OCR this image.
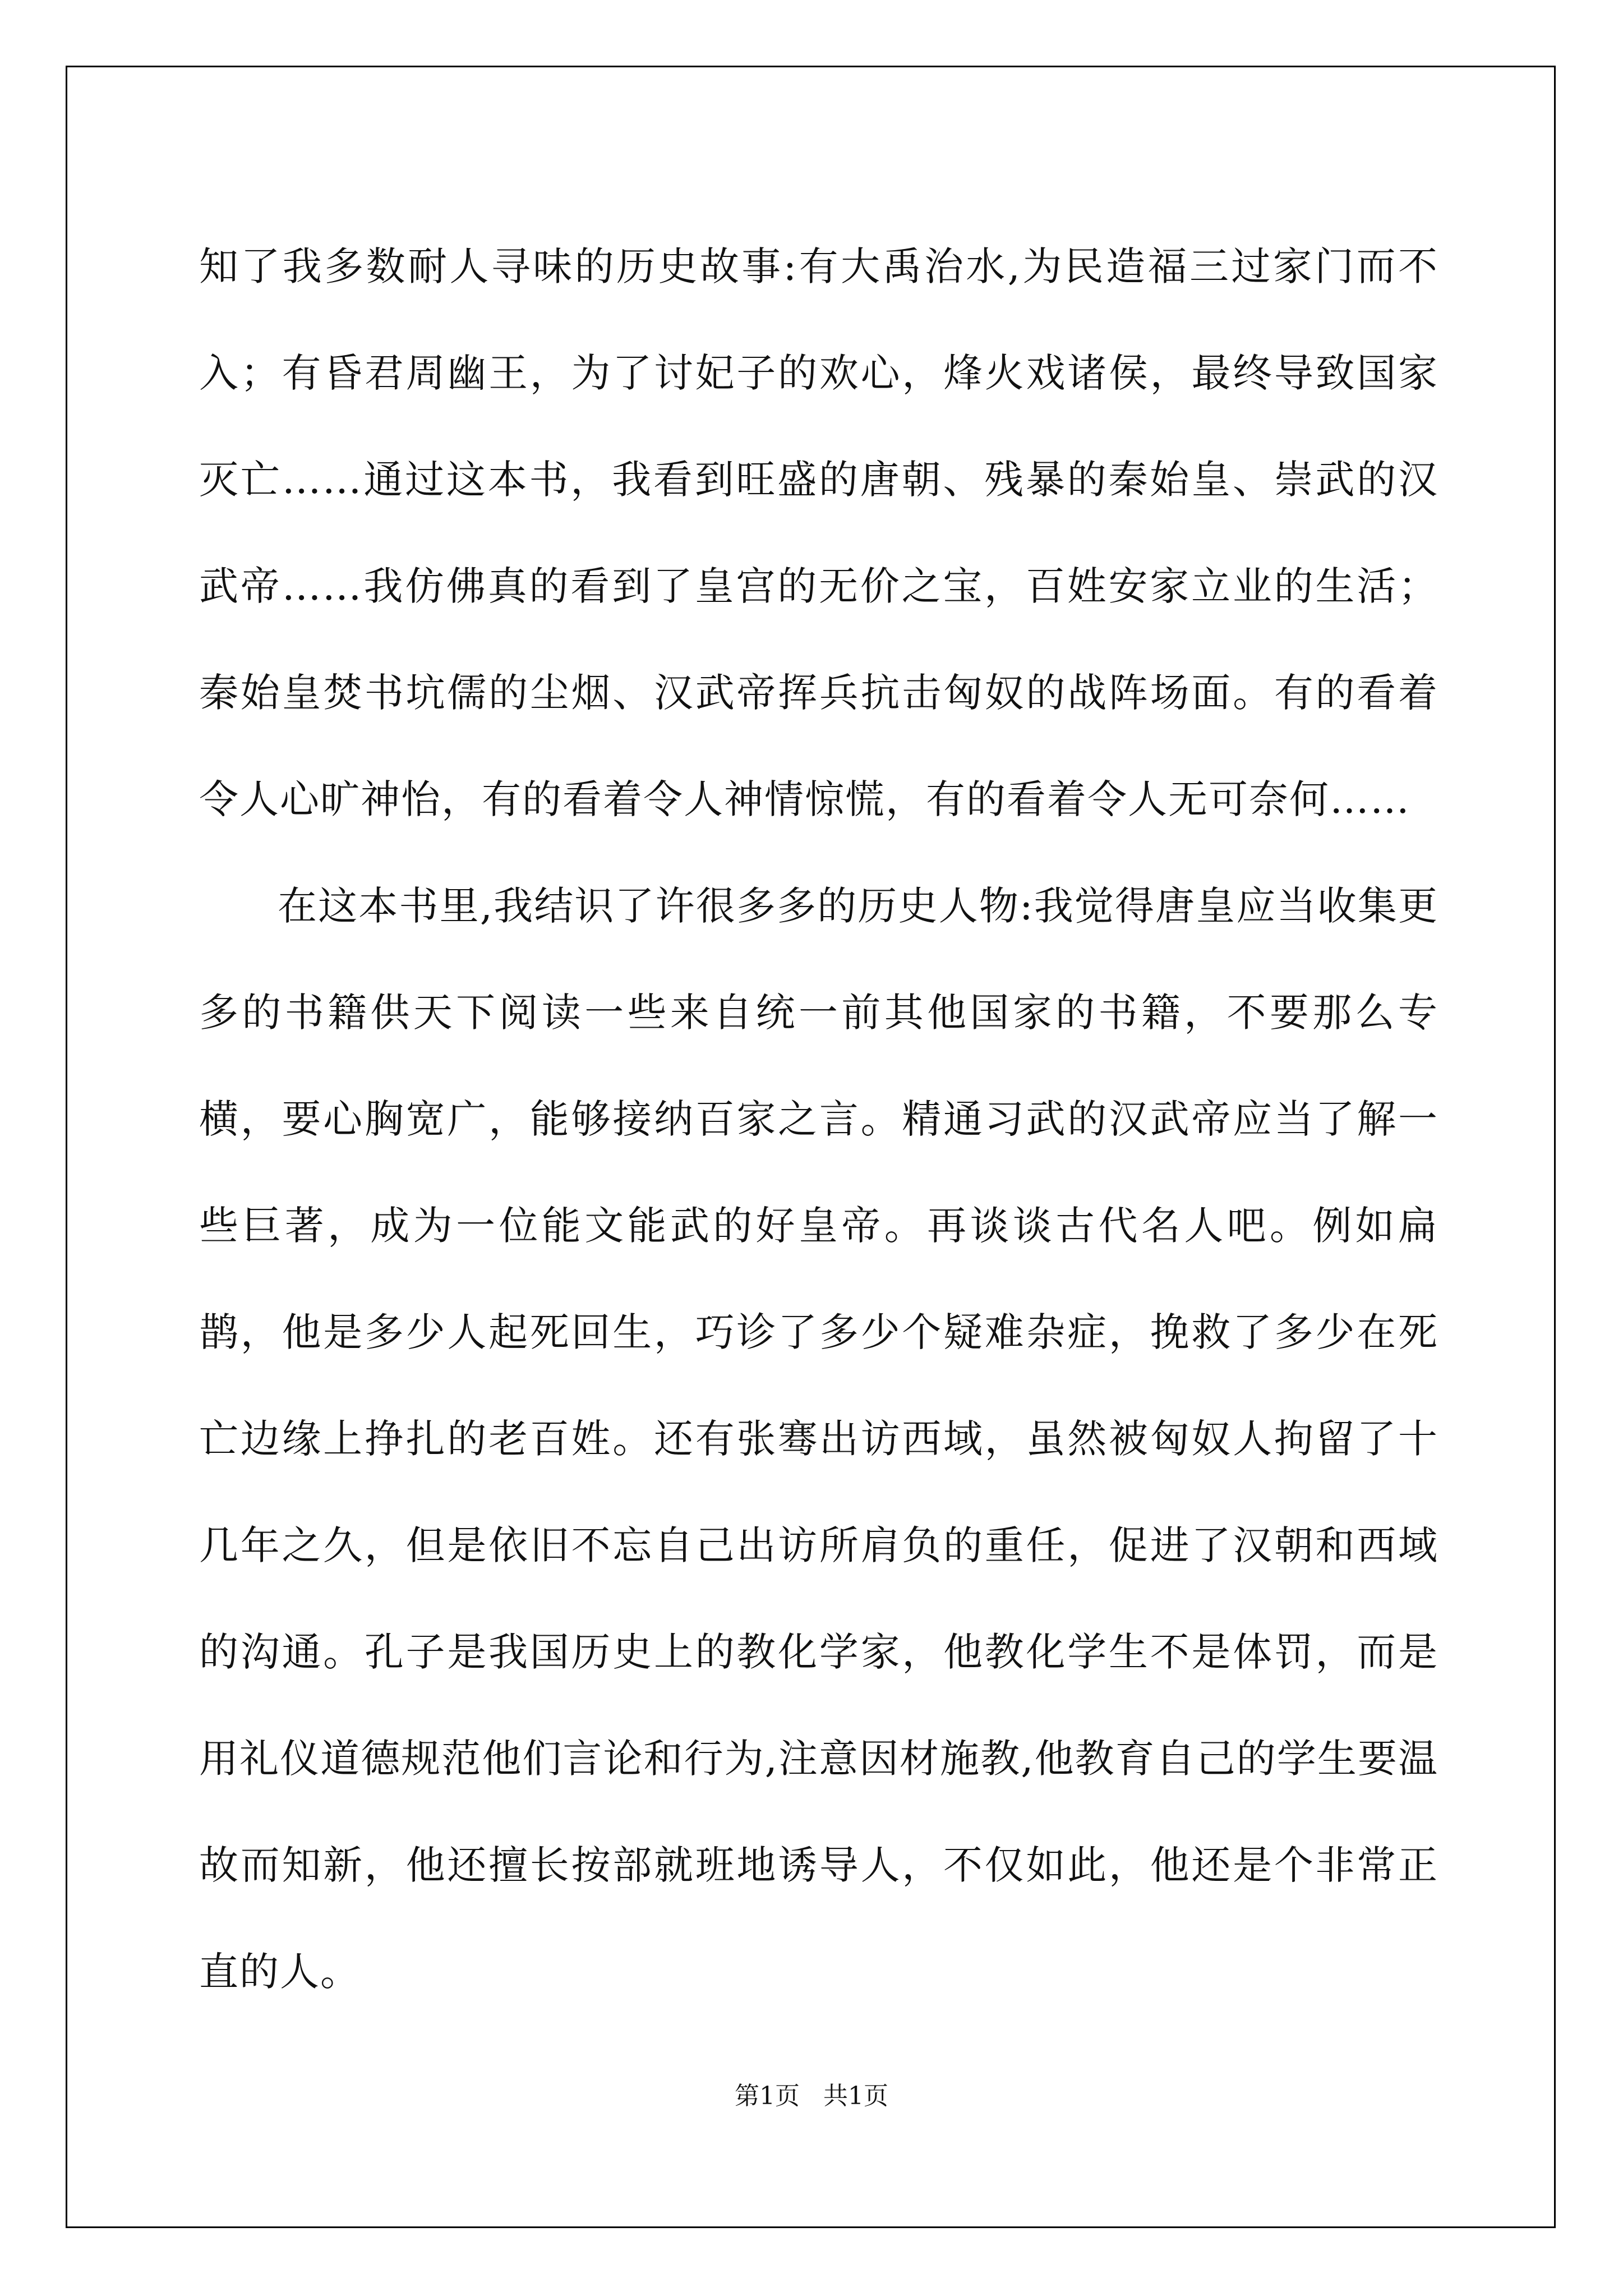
知了我多数耐人寻味的历史故事:有大禹治水,为民造福三过家门而不入；有昏君周幽王，为了讨妃子的欢心，烽火戏诸侯，最终导致国家灭亡……通过这本书，我看到旺盛的唐朝、残暴的秦始皇、崇武的汉武帝……我仿佛真的看到了皇宫的无价之宝，百姓安家立业的生活；秦始皇焚书坑儒的尘烟、汉武帝挥兵抗击匈奴的战阵场面。有的看着令人心旷神怡，有的看着令人神情惊慌，有的看着令人无可奈何……

在这本书里,我结识了许很多多的历史人物:我觉得唐皇应当收集更多的书籍供天下阅读一些来自统一前其他国家的书籍，不要那么专横，要心胸宽广，能够接纳百家之言。精通习武的汉武帝应当了解一些巨著，成为一位能文能武的好皇帝。再谈谈古代名人吧。例如扁鹊，他是多少人起死回生，巧诊了多少个疑难杂症，挽救了多少在死亡边缘上挣扎的老百姓。还有张骞出访西域，虽然被匈奴人拘留了十几年之久，但是依旧不忘自己出访所肩负的重任，促进了汉朝和西域的沟通。孔子是我国历史上的教化学家，他教化学生不是体罚，而是用礼仪道德规范他们言论和行为,注意因材施教,他教育自己的学生要温故而知新，他还擅长按部就班地诱导人，不仅如此，他还是个非常正直的人。

第1页   共1页
